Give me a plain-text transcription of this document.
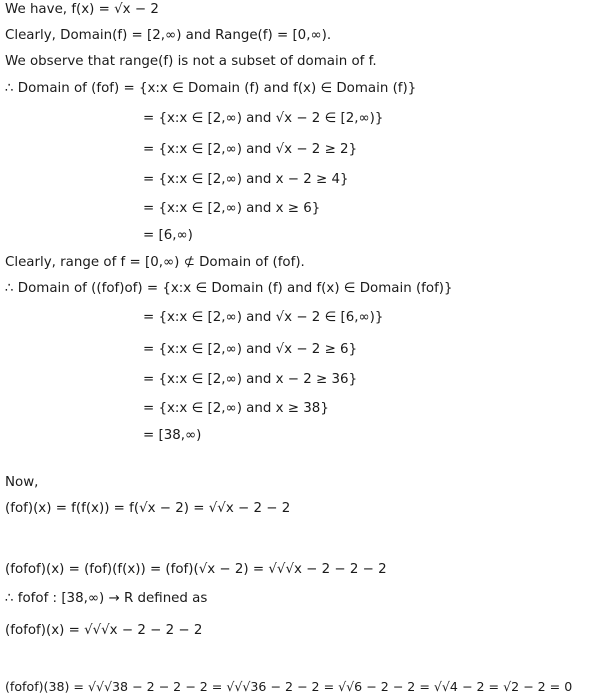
We have, f(x) = √x − 2
Clearly, Domain(f) = [2,∞) and Range(f) = [0,∞).
We observe that range(f) is not a subset of domain of f.
∴ Domain of (fof) = {x:x ∈ Domain (f) and f(x) ∈ Domain (f)}
= {x:x ∈ [2,∞) and √x − 2 ∈ [2,∞)}
= {x:x ∈ [2,∞) and √x − 2 ≥ 2}
= {x:x ∈ [2,∞) and x − 2 ≥ 4}
= {x:x ∈ [2,∞) and x ≥ 6}
= [6,∞)
Clearly, range of f = [0,∞) ⊄ Domain of (fof).
∴ Domain of ((fof)of) = {x:x ∈ Domain (f) and f(x) ∈ Domain (fof)}
= {x:x ∈ [2,∞) and √x − 2 ∈ [6,∞)}
= {x:x ∈ [2,∞) and √x − 2 ≥ 6}
= {x:x ∈ [2,∞) and x − 2 ≥ 36}
= {x:x ∈ [2,∞) and x ≥ 38}
= [38,∞)
Now,
(fof)(x) = f(f(x)) = f(√x − 2) = √√x − 2 − 2
(fofof)(x) = (fof)(f(x)) = (fof)(√x − 2) = √√√x − 2 − 2 − 2
∴ fofof : [38,∞) → R defined as
(fofof)(x) = √√√x − 2 − 2 − 2
(fofof)(38) = √√√38 − 2 − 2 − 2 = √√√36 − 2 − 2 = √√6 − 2 − 2 = √√4 − 2 = √2 − 2 = 0
